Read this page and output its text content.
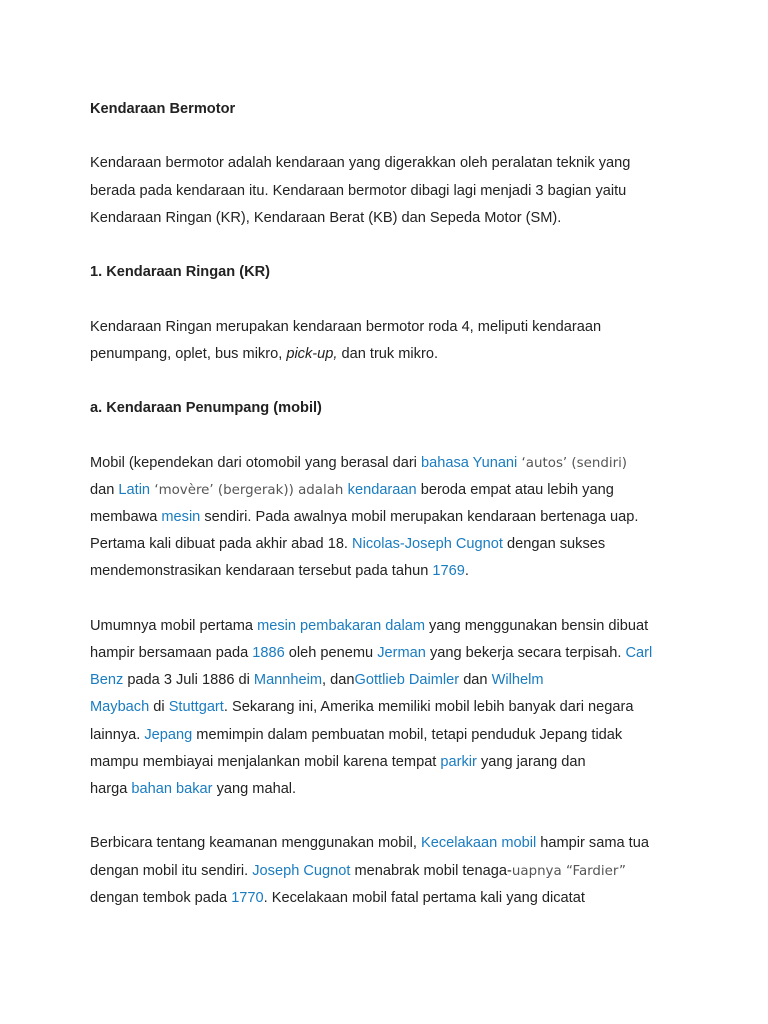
Kendaraan Bermotor

Kendaraan bermotor adalah kendaraan yang digerakkan oleh peralatan teknik yang
berada pada kendaraan itu. Kendaraan bermotor dibagi lagi menjadi 3 bagian yaitu
Kendaraan Ringan (KR), Kendaraan Berat (KB) dan Sepeda Motor (SM).

1. Kendaraan Ringan (KR)

Kendaraan Ringan merupakan kendaraan bermotor roda 4, meliputi kendaraan
penumpang, oplet, bus mikro, pick-up, dan truk mikro.

a. Kendaraan Penumpang (mobil)

Mobil (kependekan dari otomobil yang berasal dari bahasa Yunani ‘autos’ (sendiri)
dan Latin ‘movère’ (bergerak)) adalah kendaraan beroda empat atau lebih yang
membawa mesin sendiri. Pada awalnya mobil merupakan kendaraan bertenaga uap.
Pertama kali dibuat pada akhir abad 18. Nicolas-Joseph Cugnot dengan sukses
mendemonstrasikan kendaraan tersebut pada tahun 1769.
Umumnya mobil pertama mesin pembakaran dalam yang menggunakan bensin dibuat
hampir bersamaan pada 1886 oleh penemu Jerman yang bekerja secara terpisah. Carl
Benz pada 3 Juli 1886 di Mannheim, danGottlieb Daimler dan Wilhelm
Maybach di Stuttgart. Sekarang ini, Amerika memiliki mobil lebih banyak dari negara
lainnya. Jepang memimpin dalam pembuatan mobil, tetapi penduduk Jepang tidak
mampu membiayai menjalankan mobil karena tempat parkir yang jarang dan
harga bahan bakar yang mahal.
Berbicara tentang keamanan menggunakan mobil, Kecelakaan mobil hampir sama tua
dengan mobil itu sendiri. Joseph Cugnot menabrak mobil tenaga-uapnya “Fardier”
dengan tembok pada 1770. Kecelakaan mobil fatal pertama kali yang dicatat
